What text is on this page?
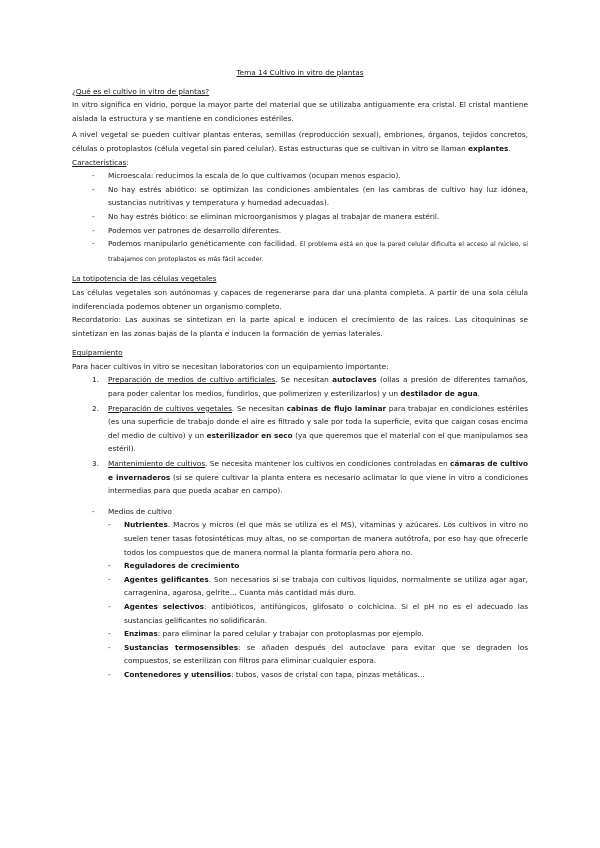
Tema 14 Cultivo in vitro de plantas
¿Qué es el cultivo in vitro de plantas?

In vitro significa en vidrio, porque la mayor parte del material que se utilizaba antiguamente era cristal. El cristal mantiene aislada la estructura y se mantiene en condiciones estériles.

A nivel vegetal se pueden cultivar plantas enteras, semillas (reproducción sexual), embriones, órganos, tejidos concretos, células o protoplastos (célula vegetal sin pared celular). Estas estructuras que se cultivan in vitro se llaman explantes.

Características:
- Microescala: reducimos la escala de lo que cultivamos (ocupan menos espacio).
- No hay estrés abiótico: se optimizan las condiciones ambientales (en las cambras de cultivo hay luz idónea, sustancias nutritivas y temperatura y humedad adecuadas).
- No hay estrés biótico: se eliminan microorganismos y plagas al trabajar de manera estéril.
- Podemos ver patrones de desarrollo diferentes.
- Podemos manipularlo genéticamente con facilidad. El problema está en que la pared celular dificulta el acceso al núcleo, si trabajamos con protoplastos es más fácil acceder.
La totipotencia de las células vegetales

Las células vegetales son autónomas y capaces de regenerarse para dar una planta completa. A partir de una sola célula indiferenciada podemos obtener un organismo completo.

Recordatorio: Las auxinas se sintetizan en la parte apical e inducen el crecimiento de las raíces. Las citoquininas se sintetizan en las zonas bajas de la planta e inducen la formación de yemas laterales.

Equipamiento

Para hacer cultivos in vitro se necesitan laboratorios con un equipamiento importante:

1. Preparación de medios de cultivo artificiales. Se necesitan autoclaves (ollas a presión de diferentes tamaños, para poder calentar los medios, fundirlos, que polimerizen y esterilizarlos) y un destilador de agua.
2. Preparación de cultivos vegetales. Se necesitan cabinas de flujo laminar para trabajar en condiciones estériles (es una superficie de trabajo donde el aire es filtrado y sale por toda la superficie, evita que caigan cosas encima del medio de cultivo) y un esterilizador en seco (ya que queremos que el material con el que manipulamos sea estéril).
3. Mantenimiento de cultivos. Se necesita mantener los cultivos en condiciones controladas en cámaras de cultivo e invernaderos (si se quiere cultivar la planta entera es necesario aclimatar lo que viene in vitro a condiciones intermedias para que pueda acabar en campo).
- Medios de cultivo
- Nutrientes. Macros y micros (el que más se utiliza es el MS), vitaminas y azúcares. Los cultivos in vitro no suelen tener tasas fotosintéticas muy altas, no se comportan de manera autótrofa, por eso hay que ofrecerle todos los compuestos que de manera normal la planta formaría pero ahora no.
- Reguladores de crecimiento
- Agentes gelificantes. Son necesarios si se trabaja con cultivos líquidos, normalmente se utiliza agar agar, carragenina, agarosa, gelrite… Cuanta más cantidad más duro.
- Agentes selectivos: antibióticos, antifúngicos, glifosato o colchicina. Si el pH no es el adecuado las sustancias gelificantes no solidificarán.
- Enzimas: para eliminar la pared celular y trabajar con protoplasmas por ejemplo.
- Sustancias termosensibles: se añaden después del autoclave para evitar que se degraden los compuestos, se esterilizan con filtros para eliminar cualquier espora.
- Contenedores y utensilios: tubos, vasos de cristal con tapa, pinzas metálicas…
